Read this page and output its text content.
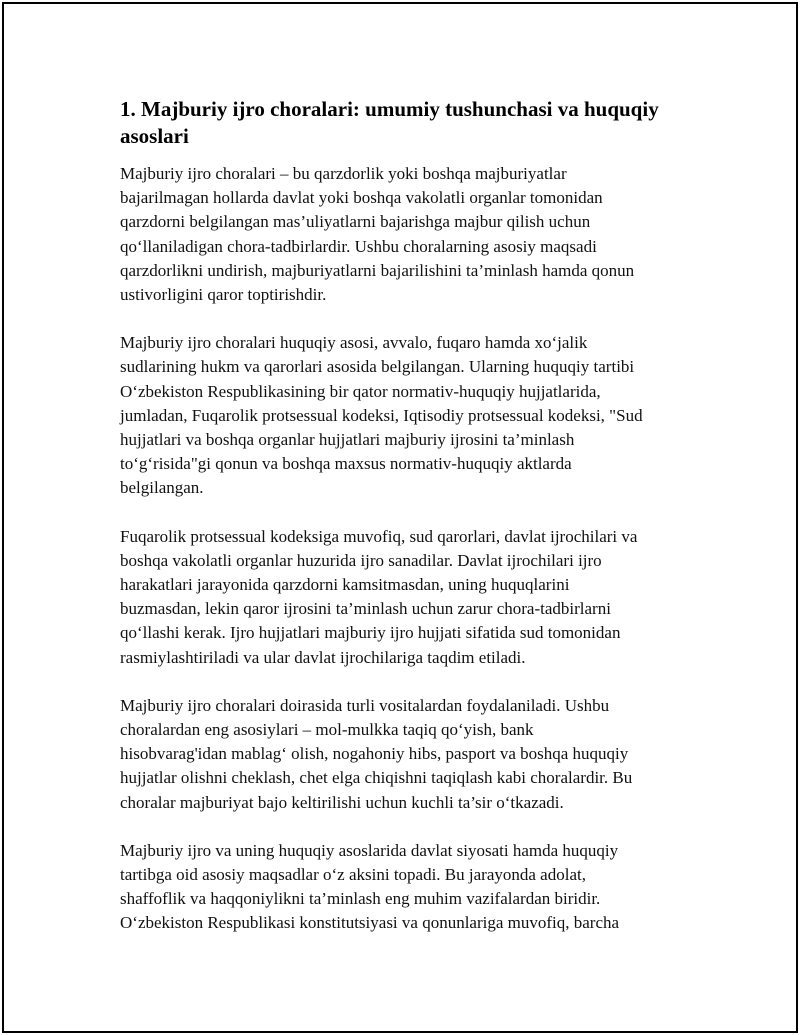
1. Majburiy ijro choralari: umumiy tushunchasi va huquqiy
asoslari

Majburiy ijro choralari – bu qarzdorlik yoki boshqa majburiyatlar
bajarilmagan hollarda davlat yoki boshqa vakolatli organlar tomonidan
qarzdorni belgilangan mas’uliyatlarni bajarishga majbur qilish uchun
qo‘llaniladigan chora-tadbirlardir. Ushbu choralarning asosiy maqsadi
qarzdorlikni undirish, majburiyatlarni bajarilishini ta’minlash hamda qonun
ustivorligini qaror toptirishdir.

Majburiy ijro choralari huquqiy asosi, avvalo, fuqaro hamda xo‘jalik
sudlarining hukm va qarorlari asosida belgilangan. Ularning huquqiy tartibi
O‘zbekiston Respublikasining bir qator normativ-huquqiy hujjatlarida,
jumladan, Fuqarolik protsessual kodeksi, Iqtisodiy protsessual kodeksi, "Sud
hujjatlari va boshqa organlar hujjatlari majburiy ijrosini ta’minlash
to‘g‘risida"gi qonun va boshqa maxsus normativ-huquqiy aktlarda
belgilangan.

Fuqarolik protsessual kodeksiga muvofiq, sud qarorlari, davlat ijrochilari va
boshqa vakolatli organlar huzurida ijro sanadilar. Davlat ijrochilari ijro
harakatlari jarayonida qarzdorni kamsitmasdan, uning huquqlarini
buzmasdan, lekin qaror ijrosini ta’minlash uchun zarur chora-tadbirlarni
qo‘llashi kerak. Ijro hujjatlari majburiy ijro hujjati sifatida sud tomonidan
rasmiylashtiriladi va ular davlat ijrochilariga taqdim etiladi.

Majburiy ijro choralari doirasida turli vositalardan foydalaniladi. Ushbu
choralardan eng asosiylari – mol-mulkka taqiq qo‘yish, bank
hisobvarag'idan mablag‘ olish, nogahoniy hibs, pasport va boshqa huquqiy
hujjatlar olishni cheklash, chet elga chiqishni taqiqlash kabi choralardir. Bu
choralar majburiyat bajo keltirilishi uchun kuchli ta’sir o‘tkazadi.

Majburiy ijro va uning huquqiy asoslarida davlat siyosati hamda huquqiy
tartibga oid asosiy maqsadlar o‘z aksini topadi. Bu jarayonda adolat,
shaffoflik va haqqoniylikni ta’minlash eng muhim vazifalardan biridir.
O‘zbekiston Respublikasi konstitutsiyasi va qonunlariga muvofiq, barcha
